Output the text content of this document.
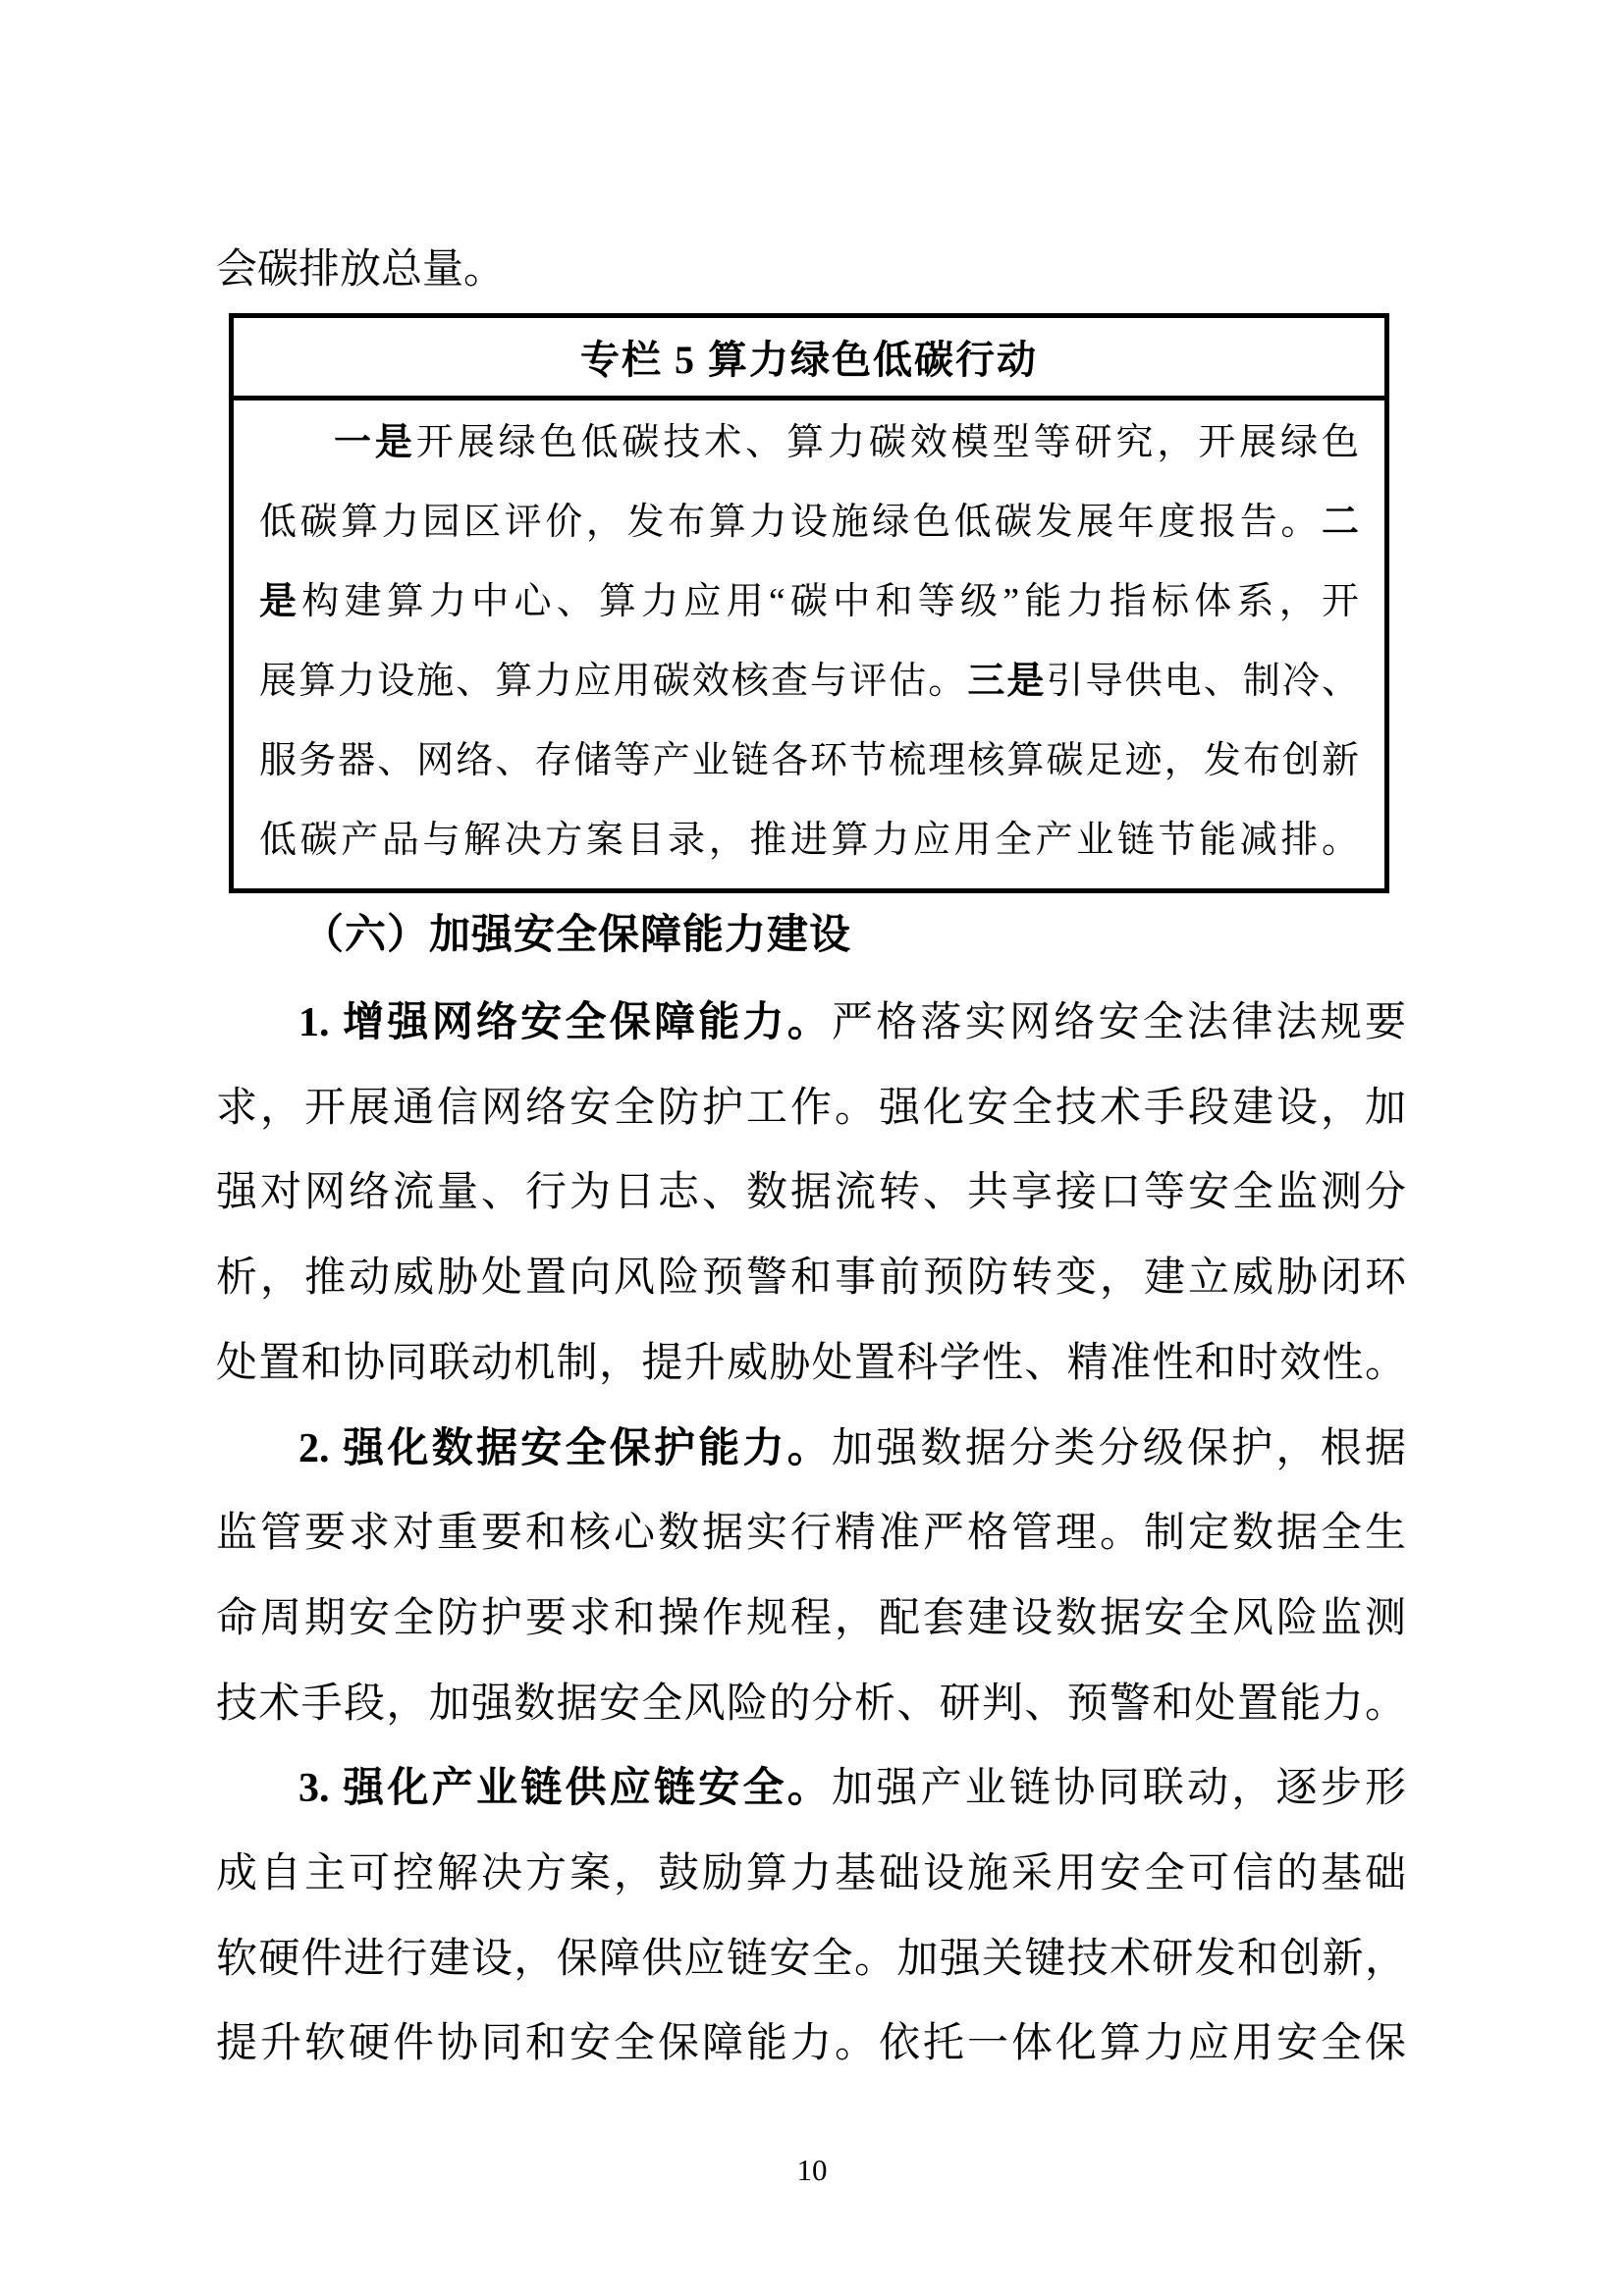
会碳排放总量。
专栏 5 算力绿色低碳行动
一是开展绿色低碳技术、算力碳效模型等研究，开展绿色
低碳算力园区评价，发布算力设施绿色低碳发展年度报告。二
是构建算力中心、算力应用“碳中和等级”能力指标体系，开
展算力设施、算力应用碳效核查与评估。三是引导供电、制冷、
服务器、网络、存储等产业链各环节梳理核算碳足迹，发布创新
低碳产品与解决方案目录，推进算力应用全产业链节能减排。
（六）加强安全保障能力建设
1. 增强网络安全保障能力。严格落实网络安全法律法规要
求，开展通信网络安全防护工作。强化安全技术手段建设，加
强对网络流量、行为日志、数据流转、共享接口等安全监测分
析，推动威胁处置向风险预警和事前预防转变，建立威胁闭环
处置和协同联动机制，提升威胁处置科学性、精准性和时效性。
2. 强化数据安全保护能力。加强数据分类分级保护，根据
监管要求对重要和核心数据实行精准严格管理。制定数据全生
命周期安全防护要求和操作规程，配套建设数据安全风险监测
技术手段，加强数据安全风险的分析、研判、预警和处置能力。
3. 强化产业链供应链安全。加强产业链协同联动，逐步形
成自主可控解决方案，鼓励算力基础设施采用安全可信的基础
软硬件进行建设，保障供应链安全。加强关键技术研发和创新，
提升软硬件协同和安全保障能力。依托一体化算力应用安全保
10
